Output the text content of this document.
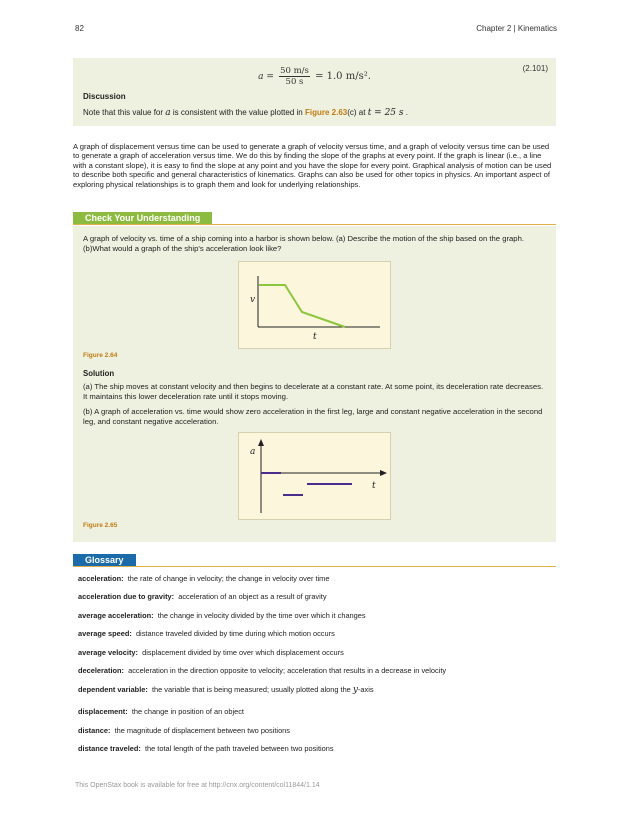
82	Chapter 2 | Kinematics
$a = \frac{50 m/s}{50 s} = 1.0$ m/s².
(2.101)
Discussion
Note that this value for a is consistent with the value plotted in Figure 2.63(c) at t = 25 s .
A graph of displacement versus time can be used to generate a graph of velocity versus time, and a graph of velocity versus time can be used to generate a graph of acceleration versus time. We do this by finding the slope of the graphs at every point. If the graph is linear (i.e., a line with a constant slope), it is easy to find the slope at any point and you have the slope for every point. Graphical analysis of motion can be used to describe both specific and general characteristics of kinematics. Graphs can also be used for other topics in physics. An important aspect of exploring physical relationships is to graph them and look for underlying relationships.
Check Your Understanding
A graph of velocity vs. time of a ship coming into a harbor is shown below. (a) Describe the motion of the ship based on the graph. (b)What would a graph of the ship's acceleration look like?
v
t
Figure 2.64
Solution
(a) The ship moves at constant velocity and then begins to decelerate at a constant rate. At some point, its deceleration rate decreases. It maintains this lower deceleration rate until it stops moving.
(b) A graph of acceleration vs. time would show zero acceleration in the first leg, large and constant negative acceleration in the second leg, and constant negative acceleration.
a
t
Figure 2.65
Glossary
acceleration: the rate of change in velocity; the change in velocity over time
acceleration due to gravity: acceleration of an object as a result of gravity
average acceleration: the change in velocity divided by the time over which it changes
average speed: distance traveled divided by time during which motion occurs
average velocity: displacement divided by time over which displacement occurs
deceleration: acceleration in the direction opposite to velocity; acceleration that results in a decrease in velocity
dependent variable: the variable that is being measured; usually plotted along the y-axis
displacement: the change in position of an object
distance: the magnitude of displacement between two positions
distance traveled: the total length of the path traveled between two positions
This OpenStax book is available for free at http://cnx.org/content/col11844/1.14
